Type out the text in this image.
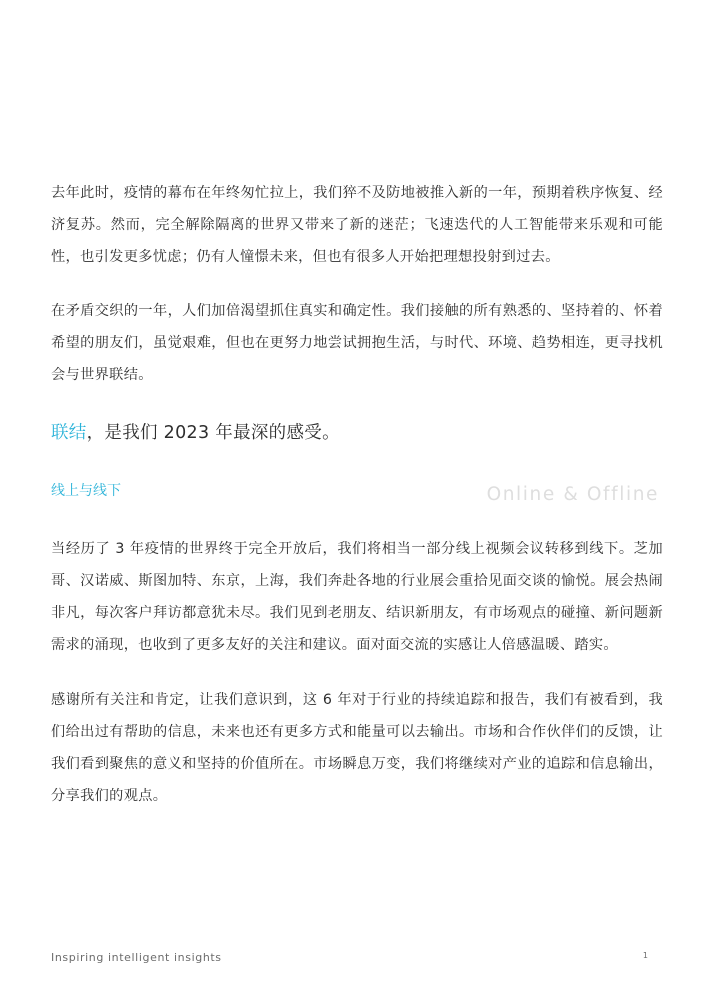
去年此时，疫情的幕布在年终匆忙拉上，我们猝不及防地被推入新的一年，预期着秩序恢复、经济复苏。然而，完全解除隔离的世界又带来了新的迷茫；飞速迭代的人工智能带来乐观和可能性，也引发更多忧虑；仍有人憧憬未来，但也有很多人开始把理想投射到过去。

在矛盾交织的一年，人们加倍渴望抓住真实和确定性。我们接触的所有熟悉的、坚持着的、怀着希望的朋友们，虽觉艰难，但也在更努力地尝试拥抱生活，与时代、环境、趋势相连，更寻找机会与世界联结。

联结，是我们 2023 年最深的感受。

线上与线下	Online & Offline

当经历了 3 年疫情的世界终于完全开放后，我们将相当一部分线上视频会议转移到线下。芝加哥、汉诺威、斯图加特、东京，上海，我们奔赴各地的行业展会重拾见面交谈的愉悦。展会热闹非凡，每次客户拜访都意犹未尽。我们见到老朋友、结识新朋友，有市场观点的碰撞、新问题新需求的涌现，也收到了更多友好的关注和建议。面对面交流的实感让人倍感温暖、踏实。

感谢所有关注和肯定，让我们意识到，这 6 年对于行业的持续追踪和报告，我们有被看到，我们给出过有帮助的信息，未来也还有更多方式和能量可以去输出。市场和合作伙伴们的反馈，让我们看到聚焦的意义和坚持的价值所在。市场瞬息万变，我们将继续对产业的追踪和信息输出，分享我们的观点。

Inspiring intelligent insights	1
